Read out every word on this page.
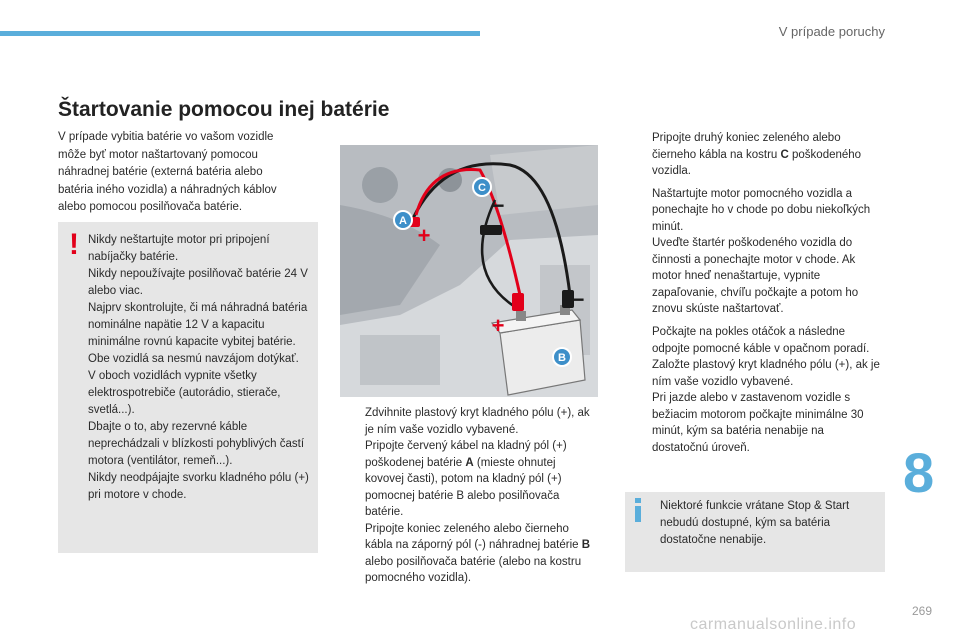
V prípade poruchy
Štartovanie pomocou inej batérie
V prípade vybitia batérie vo vašom vozidle môže byť motor naštartovaný pomocou náhradnej batérie (externá batéria alebo batéria iného vozidla) a náhradných káblov alebo pomocou posilňovača batérie.
! Nikdy neštartujte motor pri pripojení nabíjačky batérie.
Nikdy nepoužívajte posilňovač batérie 24 V alebo viac.
Najprv skontrolujte, či má náhradná batéria nominálne napätie 12 V a kapacitu minimálne rovnú kapacite vybitej batérie.
Obe vozidlá sa nesmú navzájom dotýkať.
V oboch vozidlách vypnite všetky elektrospotrebiče (autorádio, stierače, svetlá...).
Dbajte o to, aby rezervné káble neprechádzali v blízkosti pohyblivých častí motora (ventilátor, remeň...).
Nikdy neodpájajte svorku kladného pólu (+) pri motore v chode.
A
C
B
+
+
−
−
Zdvihnite plastový kryt kladného pólu (+), ak je ním vaše vozidlo vybavené.
Pripojte červený kábel na kladný pól (+) poškodenej batérie A (mieste ohnutej kovovej časti), potom na kladný pól (+) pomocnej batérie B alebo posilňovača batérie.
Pripojte koniec zeleného alebo čierneho kábla na záporný pól (-) náhradnej batérie B alebo posilňovača batérie (alebo na kostru pomocného vozidla).
Pripojte druhý koniec zeleného alebo čierneho kábla na kostru C poškodeného vozidla.
Naštartujte motor pomocného vozidla a ponechajte ho v chode po dobu niekoľkých minút.
Uveďte štartér poškodeného vozidla do činnosti a ponechajte motor v chode. Ak motor hneď nenaštartuje, vypnite zapaľovanie, chvíľu počkajte a potom ho znovu skúste naštartovať.
Počkajte na pokles otáčok a následne odpojte pomocné káble v opačnom poradí.
Založte plastový kryt kladného pólu (+), ak je ním vaše vozidlo vybavené.
Pri jazde alebo v zastavenom vozidle s bežiacim motorom počkajte minimálne 30 minút, kým sa batéria nenabije na dostatočnú úroveň.
Niektoré funkcie vrátane Stop & Start nebudú dostupné, kým sa batéria dostatočne nenabije.
8
269
carmanualsonline.info
